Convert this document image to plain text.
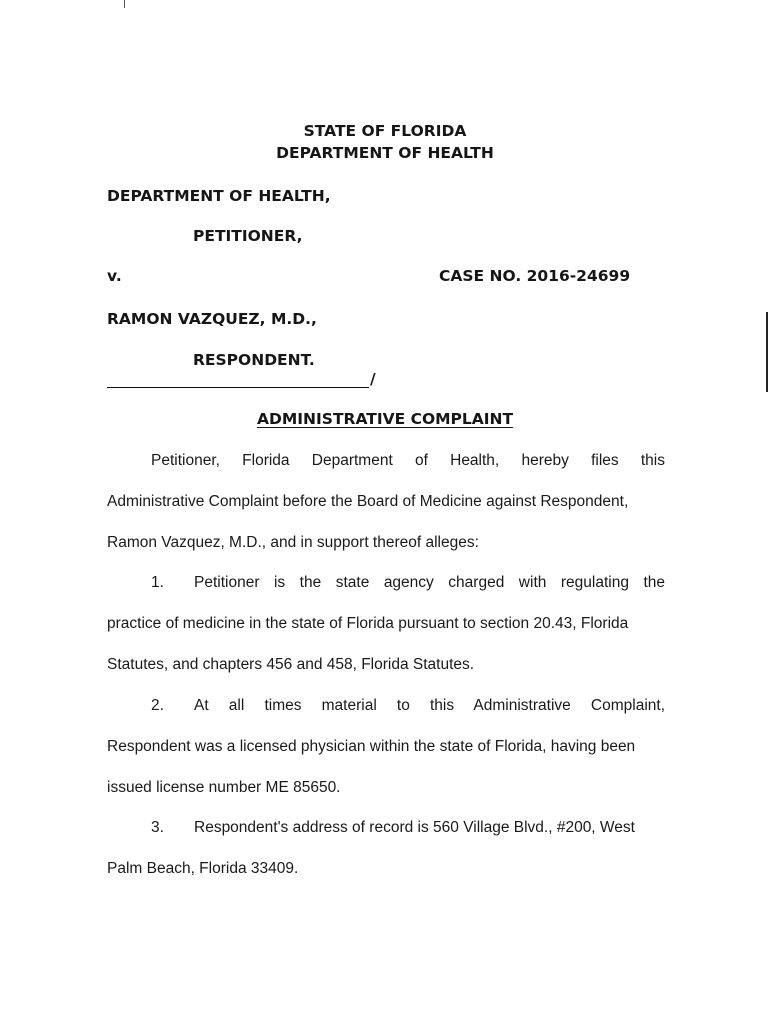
STATE OF FLORIDA
DEPARTMENT OF HEALTH
DEPARTMENT OF HEALTH,
PETITIONER,
v.	CASE NO. 2016-24699
RAMON VAZQUEZ, M.D.,
RESPONDENT.
/
ADMINISTRATIVE COMPLAINT
Petitioner, Florida Department of Health, hereby files this
Administrative Complaint before the Board of Medicine against Respondent,
Ramon Vazquez, M.D., and in support thereof alleges:
1. Petitioner is the state agency charged with regulating the
practice of medicine in the state of Florida pursuant to section 20.43, Florida
Statutes, and chapters 456 and 458, Florida Statutes.
2. At all times material to this Administrative Complaint,
Respondent was a licensed physician within the state of Florida, having been
issued license number ME 85650.
3. Respondent's address of record is 560 Village Blvd., #200, West
Palm Beach, Florida 33409.
